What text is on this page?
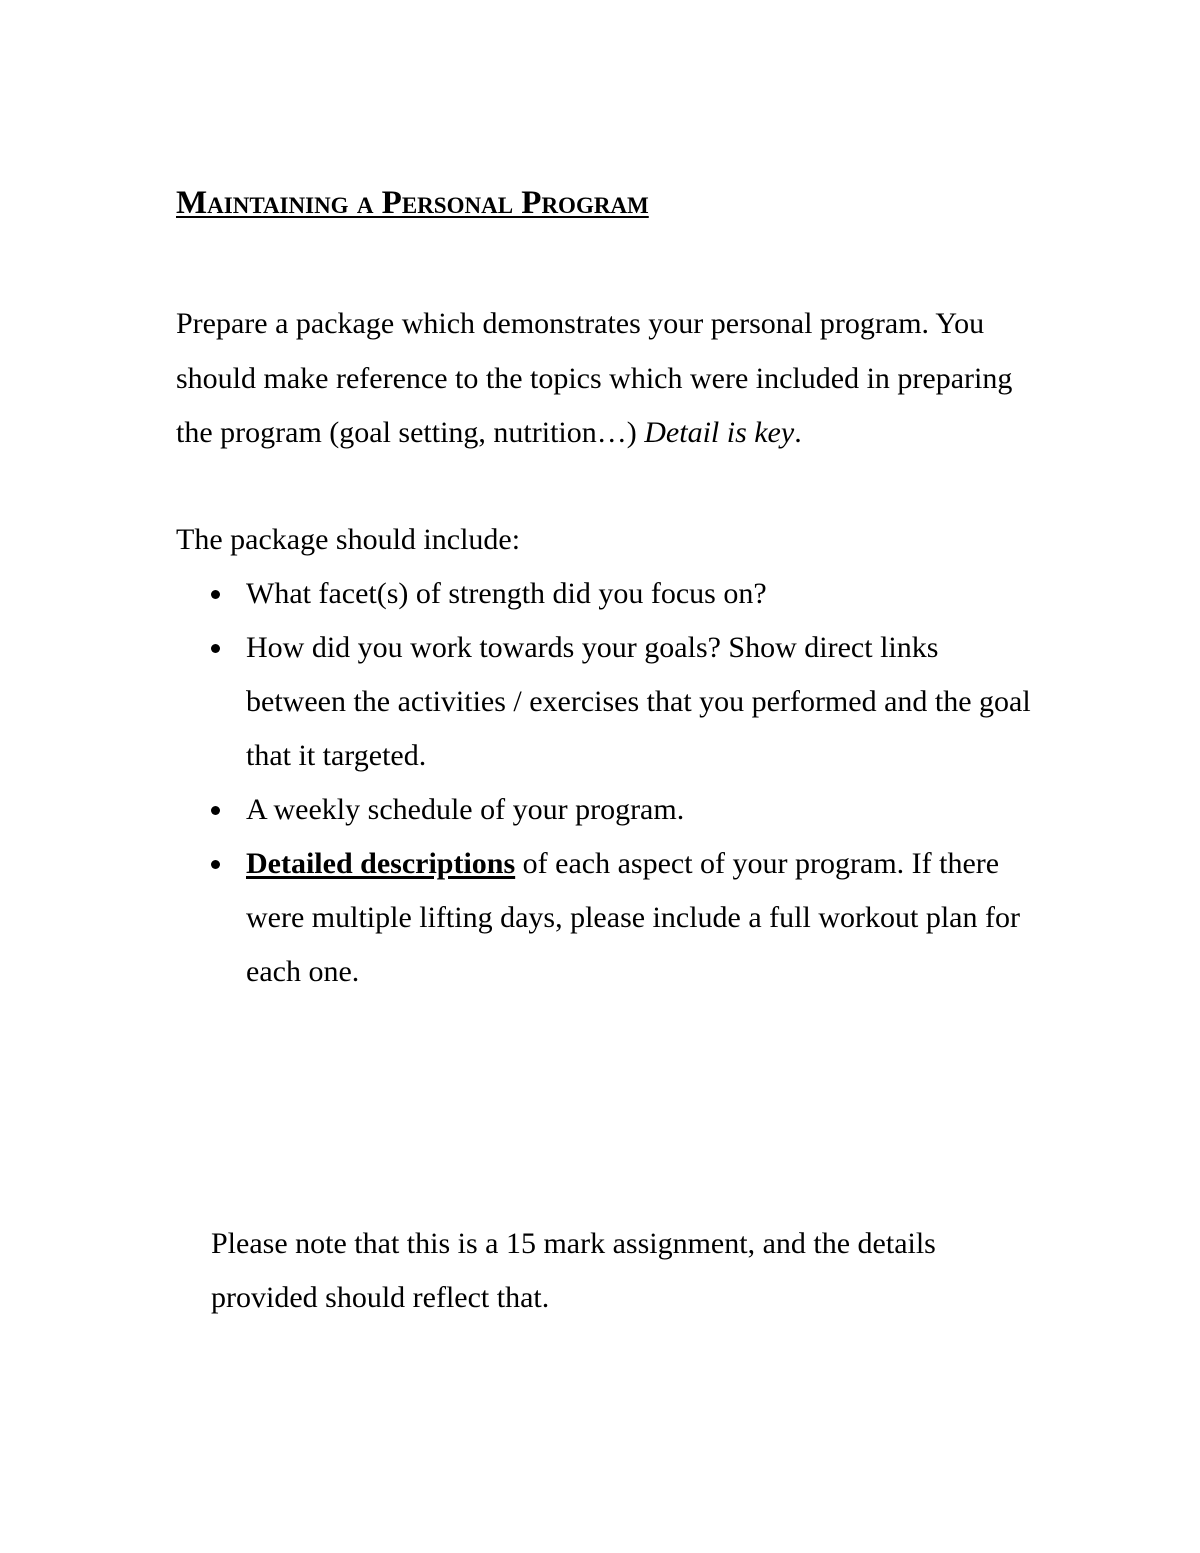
Maintaining a Personal Program

Prepare a package which demonstrates your personal program. You should make reference to the topics which were included in preparing the program (goal setting, nutrition…) Detail is key.

The package should include:

What facet(s) of strength did you focus on?
How did you work towards your goals? Show direct links between the activities / exercises that you performed and the goal that it targeted.
A weekly schedule of your program.
Detailed descriptions of each aspect of your program. If there were multiple lifting days, please include a full workout plan for each one.

Please note that this is a 15 mark assignment, and the details provided should reflect that.
